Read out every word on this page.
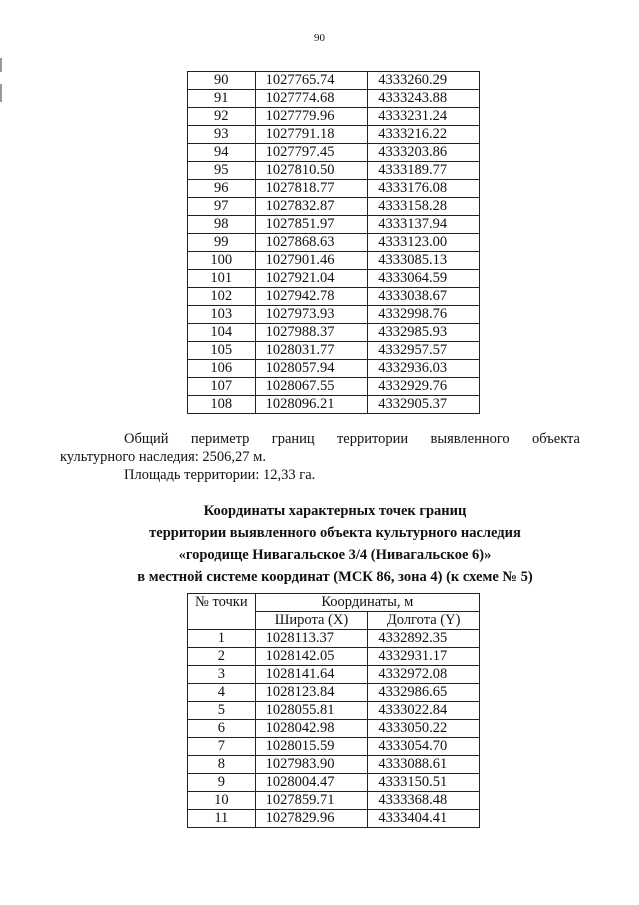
90
90	1027765.74	4333260.29
91	1027774.68	4333243.88
92	1027779.96	4333231.24
93	1027791.18	4333216.22
94	1027797.45	4333203.86
95	1027810.50	4333189.77
96	1027818.77	4333176.08
97	1027832.87	4333158.28
98	1027851.97	4333137.94
99	1027868.63	4333123.00
100	1027901.46	4333085.13
101	1027921.04	4333064.59
102	1027942.78	4333038.67
103	1027973.93	4332998.76
104	1027988.37	4332985.93
105	1028031.77	4332957.57
106	1028057.94	4332936.03
107	1028067.55	4332929.76
108	1028096.21	4332905.37
Общий периметр границ территории выявленного объекта
культурного наследия: 2506,27 м.
Площадь территории: 12,33 га.
Координаты характерных точек границ
территории выявленного объекта культурного наследия
«городище Нивагальское 3/4 (Нивагальское 6)»
в местной системе координат (МСК 86, зона 4) (к схеме № 5)
№ точки	Координаты, м	
	Широта (X)	Долгота (Y)
1	1028113.37	4332892.35
2	1028142.05	4332931.17
3	1028141.64	4332972.08
4	1028123.84	4332986.65
5	1028055.81	4333022.84
6	1028042.98	4333050.22
7	1028015.59	4333054.70
8	1027983.90	4333088.61
9	1028004.47	4333150.51
10	1027859.71	4333368.48
11	1027829.96	4333404.41
